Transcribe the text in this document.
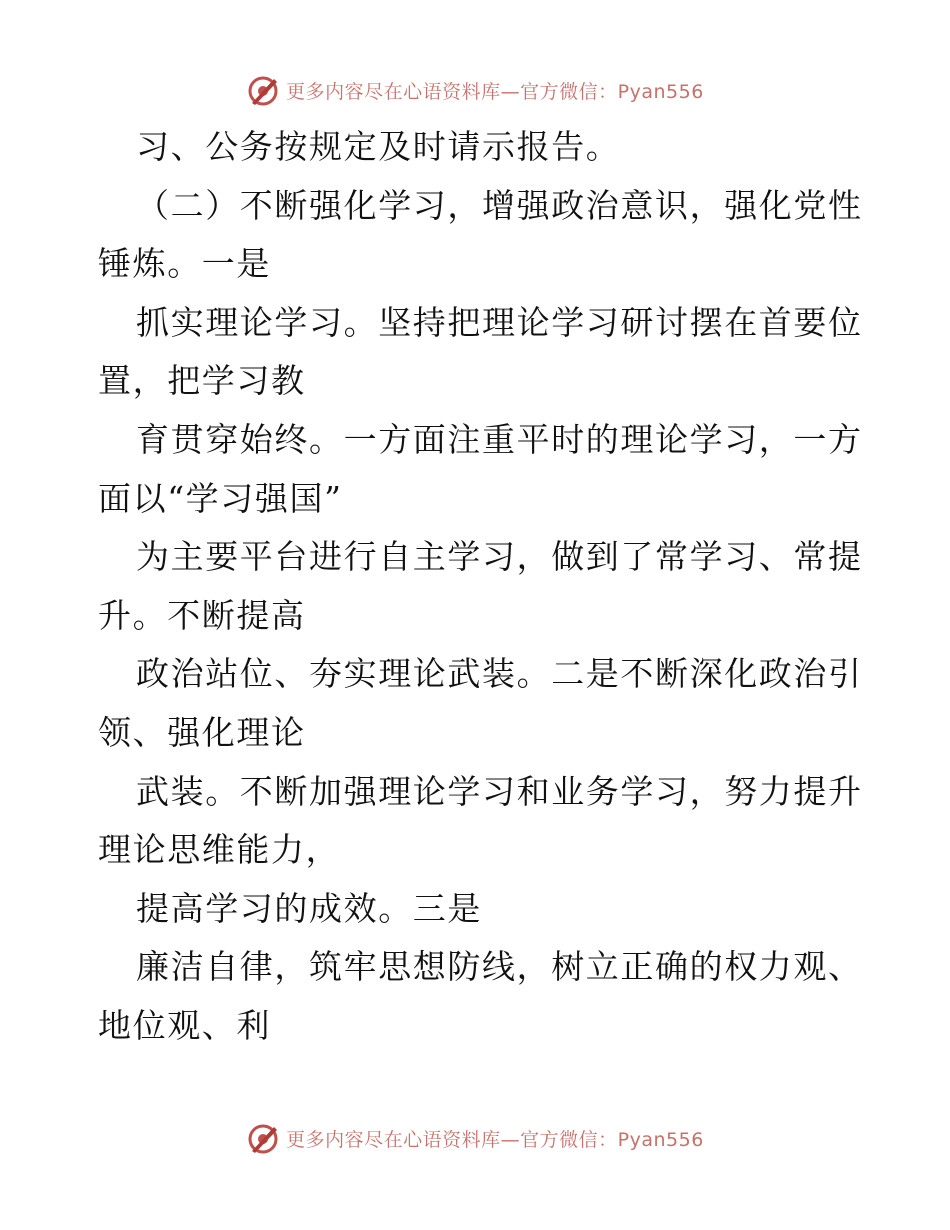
更多内容尽在心语资料库—官方微信：Pyan556
习、公务按规定及时请示报告。
（二）不断强化学习，增强政治意识，强化党性
锤炼。一是
抓实理论学习。坚持把理论学习研讨摆在首要位
置，把学习教
育贯穿始终。一方面注重平时的理论学习，一方
面以“学习强国”
为主要平台进行自主学习，做到了常学习、常提
升。不断提高
政治站位、夯实理论武装。二是不断深化政治引
领、强化理论
武装。不断加强理论学习和业务学习，努力提升
理论思维能力，
提高学习的成效。三是
廉洁自律，筑牢思想防线，树立正确的权力观、
地位观、利
更多内容尽在心语资料库—官方微信：Pyan556
